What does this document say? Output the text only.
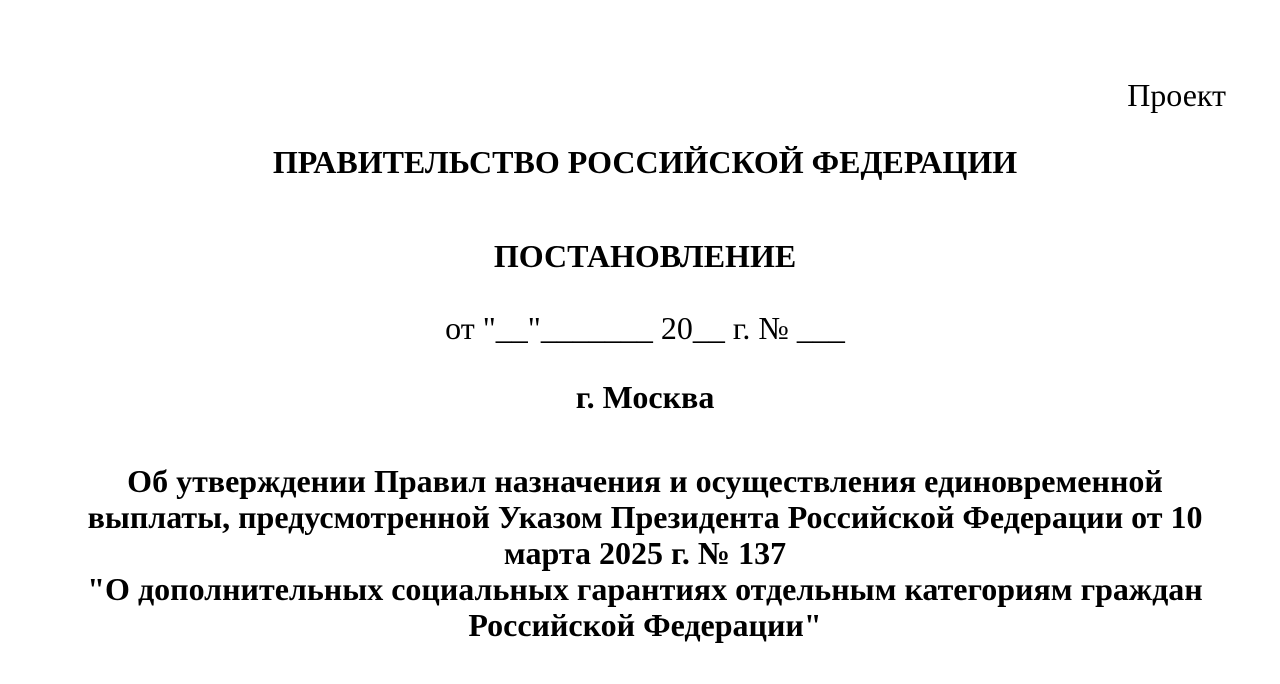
Проект
ПРАВИТЕЛЬСТВО РОССИЙСКОЙ ФЕДЕРАЦИИ
ПОСТАНОВЛЕНИЕ
от "__"_______ 20__ г. № ___
г. Москва
Об утверждении Правил назначения и осуществления единовременной
выплаты, предусмотренной Указом Президента Российской Федерации от 10
марта 2025 г. № 137
"О дополнительных социальных гарантиях отдельным категориям граждан
Российской Федерации"
